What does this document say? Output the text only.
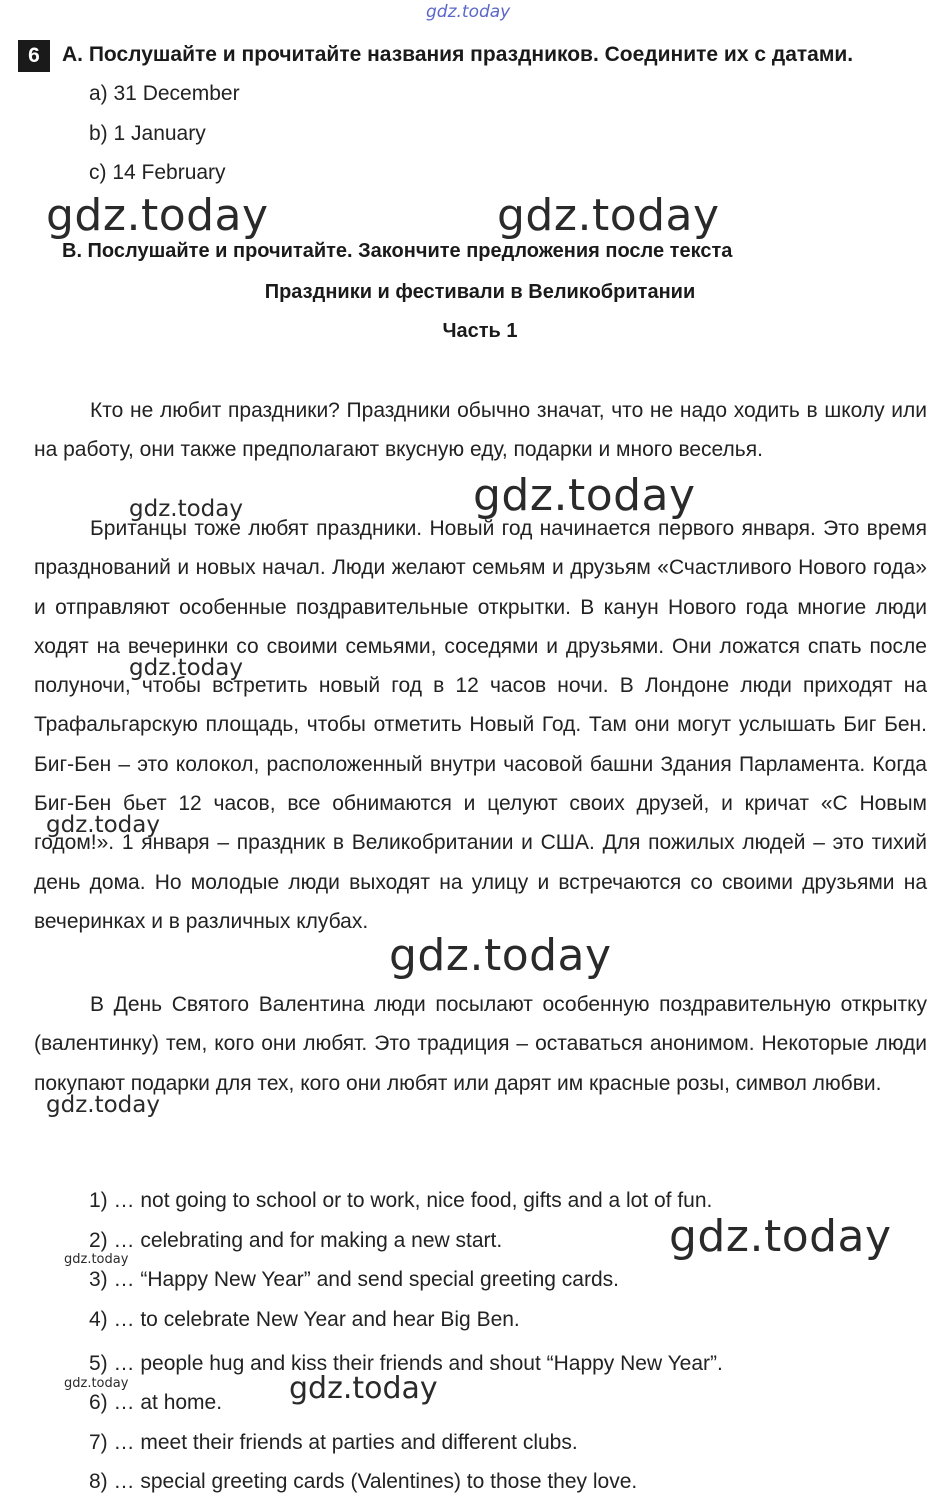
gdz.today
6	А. Послушайте и прочитайте названия праздников. Соедините их с датами.
a) 31 December
b) 1 January
c) 14 February
В. Послушайте и прочитайте. Закончите предложения после текста
Праздники и фестивали в Великобритании
Часть 1

Кто не любит праздники? Праздники обычно значат, что не надо ходить в школу или на работу, они также предполагают вкусную еду, подарки и много веселья.

Британцы тоже любят праздники. Новый год начинается первого января. Это время празднований и новых начал. Люди желают семьям и друзьям «Счастливого Нового года» и отправляют особенные поздравительные открытки. В канун Нового года многие люди ходят на вечеринки со своими семьями, соседями и друзьями. Они ложатся спать после полуночи, чтобы встретить новый год в 12 часов ночи. В Лондоне люди приходят на Трафальгарскую площадь, чтобы отметить Новый Год. Там они могут услышать Биг Бен. Биг-Бен – это колокол, расположенный внутри часовой башни Здания Парламента. Когда Биг-Бен бьет 12 часов, все обнимаются и целуют своих друзей, и кричат «С Новым годом!». 1 января – праздник в Великобритании и США. Для пожилых людей – это тихий день дома. Но молодые люди выходят на улицу и встречаются со своими друзьями на вечеринках и в различных клубах.

В День Святого Валентина люди посылают особенную поздравительную открытку (валентинку) тем, кого они любят. Это традиция – оставаться анонимом. Некоторые люди покупают подарки для тех, кого они любят или дарят им красные розы, символ любви.

1) … not going to school or to work, nice food, gifts and a lot of fun.
2) … celebrating and for making a new start.
3) … “Happy New Year” and send special greeting cards.
4) … to celebrate New Year and hear Big Ben.
5) … people hug and kiss their friends and shout “Happy New Year”.
6) … at home.
7) … meet their friends at parties and different clubs.
8) … special greeting cards (Valentines) to those they love.
gdz.today	gdz.today
gdz.today
gdz.today
gdz.today
gdz.today
gdz.today
gdz.today
gdz.today
gdz.today
gdz.today	gdz.today
